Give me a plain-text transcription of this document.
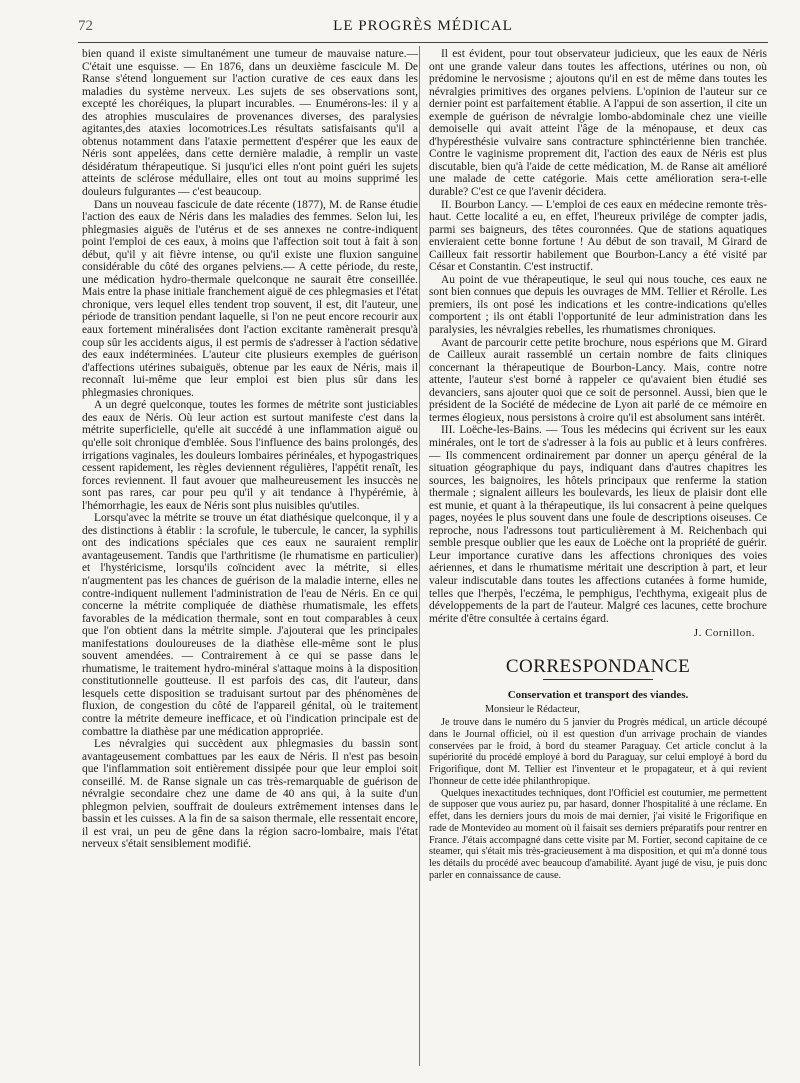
72	LE PROGRÈS MÉDICAL

bien quand il existe simultanément une tumeur de mauvaise nature.— C'était une esquisse. — En 1876, dans un deuxième fascicule M. De Ranse s'étend longuement sur l'action curative de ces eaux dans les maladies du système nerveux. Les sujets de ses observations sont, excepté les choréiques, la plupart incurables. — Enumérons-les: il y a des atrophies musculaires de provenances diverses, des paralysies agitantes,des ataxies locomotrices.Les résultats satisfaisants qu'il a obtenus notamment dans l'ataxie permettent d'espérer que les eaux de Néris sont appelées, dans cette dernière maladie, à remplir un vaste désidératum thérapeutique. Si jusqu'ici elles n'ont point guéri les sujets atteints de sclérose médullaire, elles ont tout au moins supprimé les douleurs fulgurantes — c'est beaucoup.

Dans un nouveau fascicule de date récente (1877), M. de Ranse étudie l'action des eaux de Néris dans les maladies des femmes. Selon lui, les phlegmasies aiguës de l'utérus et de ses annexes ne contre-indiquent point l'emploi de ces eaux, à moins que l'affection soit tout à fait à son début, qu'il y ait fièvre intense, ou qu'il existe une fluxion sanguine considérable du côté des organes pelviens.— A cette période, du reste, une médication hydro-thermale quelconque ne saurait être conseillée. Mais entre la phase initiale franchement aiguë de ces phlegmasies et l'état chronique, vers lequel elles tendent trop souvent, il est, dit l'auteur, une période de transition pendant laquelle, si l'on ne peut encore recourir aux eaux fortement minéralisées dont l'action excitante ramènerait presqu'à coup sûr les accidents aigus, il est permis de s'adresser à l'action sédative des eaux indéterminées. L'auteur cite plusieurs exemples de guérison d'affections utérines subaiguës, obtenue par les eaux de Néris, mais il reconnaît lui-même que leur emploi est bien plus sûr dans les phlegmasies chroniques.

A un degré quelconque, toutes les formes de métrite sont justiciables des eaux de Néris. Où leur action est surtout manifeste c'est dans la métrite superficielle, qu'elle ait succédé à une inflammation aiguë ou qu'elle soit chronique d'emblée. Sous l'influence des bains prolongés, des irrigations vaginales, les douleurs lombaires périnéales, et hypogastriques cessent rapidement, les règles deviennent régulières, l'appétit renaît, les forces reviennent. Il faut avouer que malheureusement les insuccès ne sont pas rares, car pour peu qu'il y ait tendance à l'hypérémie, à l'hémorrhagie, les eaux de Néris sont plus nuisibles qu'utiles.

Lorsqu'avec la métrite se trouve un état diathésique quelconque, il y a des distinctions à établir : la scrofule, le tubercule, le cancer, la syphilis ont des indications spéciales que ces eaux ne sauraient remplir avantageusement. Tandis que l'arthritisme (le rhumatisme en particulier) et l'hystéricisme, lorsqu'ils coïncident avec la métrite, si elles n'augmentent pas les chances de guérison de la maladie interne, elles ne contre-indiquent nullement l'administration de l'eau de Néris. En ce qui concerne la métrite compliquée de diathèse rhumatismale, les effets favorables de la médication thermale, sont en tout comparables à ceux que l'on obtient dans la métrite simple. J'ajouterai que les principales manifestations douloureuses de la diathèse elle-même sont le plus souvent amendées. — Contrairement à ce qui se passe dans le rhumatisme, le traitement hydro-minéral s'attaque moins à la disposition constitutionnelle goutteuse. Il est parfois des cas, dit l'auteur, dans lesquels cette disposition se traduisant surtout par des phénomènes de fluxion, de congestion du côté de l'appareil génital, où le traitement contre la métrite demeure inefficace, et où l'indication principale est de combattre la diathèse par une médication appropriée.

Les névralgies qui succèdent aux phlegmasies du bassin sont avantageusement combattues par les eaux de Néris. Il n'est pas besoin que l'inflammation soit entièrement dissipée pour que leur emploi soit conseillé. M. de Ranse signale un cas très-remarquable de guérison de névralgie secondaire chez une dame de 40 ans qui, à la suite d'un phlegmon pelvien, souffrait de douleurs extrêmement intenses dans le bassin et les cuisses. A la fin de sa saison thermale, elle ressentait encore, il est vrai, un peu de gêne dans la région sacro-lombaire, mais l'état nerveux s'était sensiblement modifié.

Il est évident, pour tout observateur judicieux, que les eaux de Néris ont une grande valeur dans toutes les affections, utérines ou non, où prédomine le nervosisme ; ajoutons qu'il en est de même dans toutes les névralgies primitives des organes pelviens. L'opinion de l'auteur sur ce dernier point est parfaitement établie. A l'appui de son assertion, il cite un exemple de guérison de névralgie lombo-abdominale chez une vieille demoiselle qui avait atteint l'âge de la ménopause, et deux cas d'hypéresthésie vulvaire sans contracture sphinctérienne bien tranchée. Contre le vaginisme proprement dit, l'action des eaux de Néris est plus discutable, bien qu'à l'aide de cette médication, M. de Ranse ait amélioré une malade de cette catégorie. Mais cette amélioration sera-t-elle durable? C'est ce que l'avenir décidera.

II. Bourbon Lancy. — L'emploi de ces eaux en médecine remonte très-haut. Cette localité a eu, en effet, l'heureux privilége de compter jadis, parmi ses baigneurs, des têtes couronnées. Que de stations aquatiques envieraient cette bonne fortune ! Au début de son travail, M Girard de Cailleux fait ressortir habilement que Bourbon-Lancy a été visité par César et Constantin. C'est instructif.

Au point de vue thérapeutique, le seul qui nous touche, ces eaux ne sont bien connues que depuis les ouvrages de MM. Tellier et Rérolle. Les premiers, ils ont posé les indications et les contre-indications qu'elles comportent ; ils ont établi l'opportunité de leur administration dans les paralysies, les névralgies rebelles, les rhumatismes chroniques.

Avant de parcourir cette petite brochure, nous espérions que M. Girard de Cailleux aurait rassemblé un certain nombre de faits cliniques concernant la thérapeutique de Bourbon-Lancy. Mais, contre notre attente, l'auteur s'est borné à rappeler ce qu'avaient bien étudié ses devanciers, sans ajouter quoi que ce soit de personnel. Aussi, bien que le président de la Société de médecine de Lyon ait parlé de ce mémoire en termes élogieux, nous persistons à croire qu'il est absolument sans intérêt.

III. Loëche-les-Bains. — Tous les médecins qui écrivent sur les eaux minérales, ont le tort de s'adresser à la fois au public et à leurs confrères. — Ils commencent ordinairement par donner un aperçu général de la situation géographique du pays, indiquant dans d'autres chapitres les sources, les baignoires, les hôtels principaux que renferme la station thermale ; signalent ailleurs les boulevards, les lieux de plaisir dont elle est munie, et quant à la thérapeutique, ils lui consacrent à peine quelques pages, noyées le plus souvent dans une foule de descriptions oiseuses. Ce reproche, nous l'adressons tout particulièrement à M. Reichenbach qui semble presque oublier que les eaux de Loëche ont la propriété de guérir. Leur importance curative dans les affections chroniques des voies aériennes, et dans le rhumatisme méritait une description à part, et leur valeur indiscutable dans toutes les affections cutanées à forme humide, telles que l'herpès, l'eczéma, le pemphigus, l'echthyma, exigeait plus de développements de la part de l'auteur. Malgré ces lacunes, cette brochure mérite d'être consultée à certains égard.

J. Cornillon.
CORRESPONDANCE
Conservation et transport des viandes.
Monsieur le Rédacteur,

Je trouve dans le numéro du 5 janvier du Progrès médical, un article découpé dans le Journal officiel, où il est question d'un arrivage prochain de viandes conservées par le froid, à bord du steamer Paraguay. Cet article conclut à la supériorité du procédé employé à bord du Paraguay, sur celui employé à bord du Frigorifique, dont M. Tellier est l'inventeur et le propagateur, et à qui revient l'honneur de cette idée philanthropique.

Quelques inexactitudes techniques, dont l'Officiel est coutumier, me permettent de supposer que vous auriez pu, par hasard, donner l'hospitalité à une réclame. En effet, dans les derniers jours du mois de mai dernier, j'ai visité le Frigorifique en rade de Montevideo au moment où il faisait ses derniers préparatifs pour rentrer en France. J'étais accompagné dans cette visite par M. Fortier, second capitaine de ce steamer, qui s'était mis très-gracieusement à ma disposition, et qui m'a donné tous les détails du procédé avec beaucoup d'amabilité. Ayant jugé de visu, je puis donc parler en connaissance de cause.
